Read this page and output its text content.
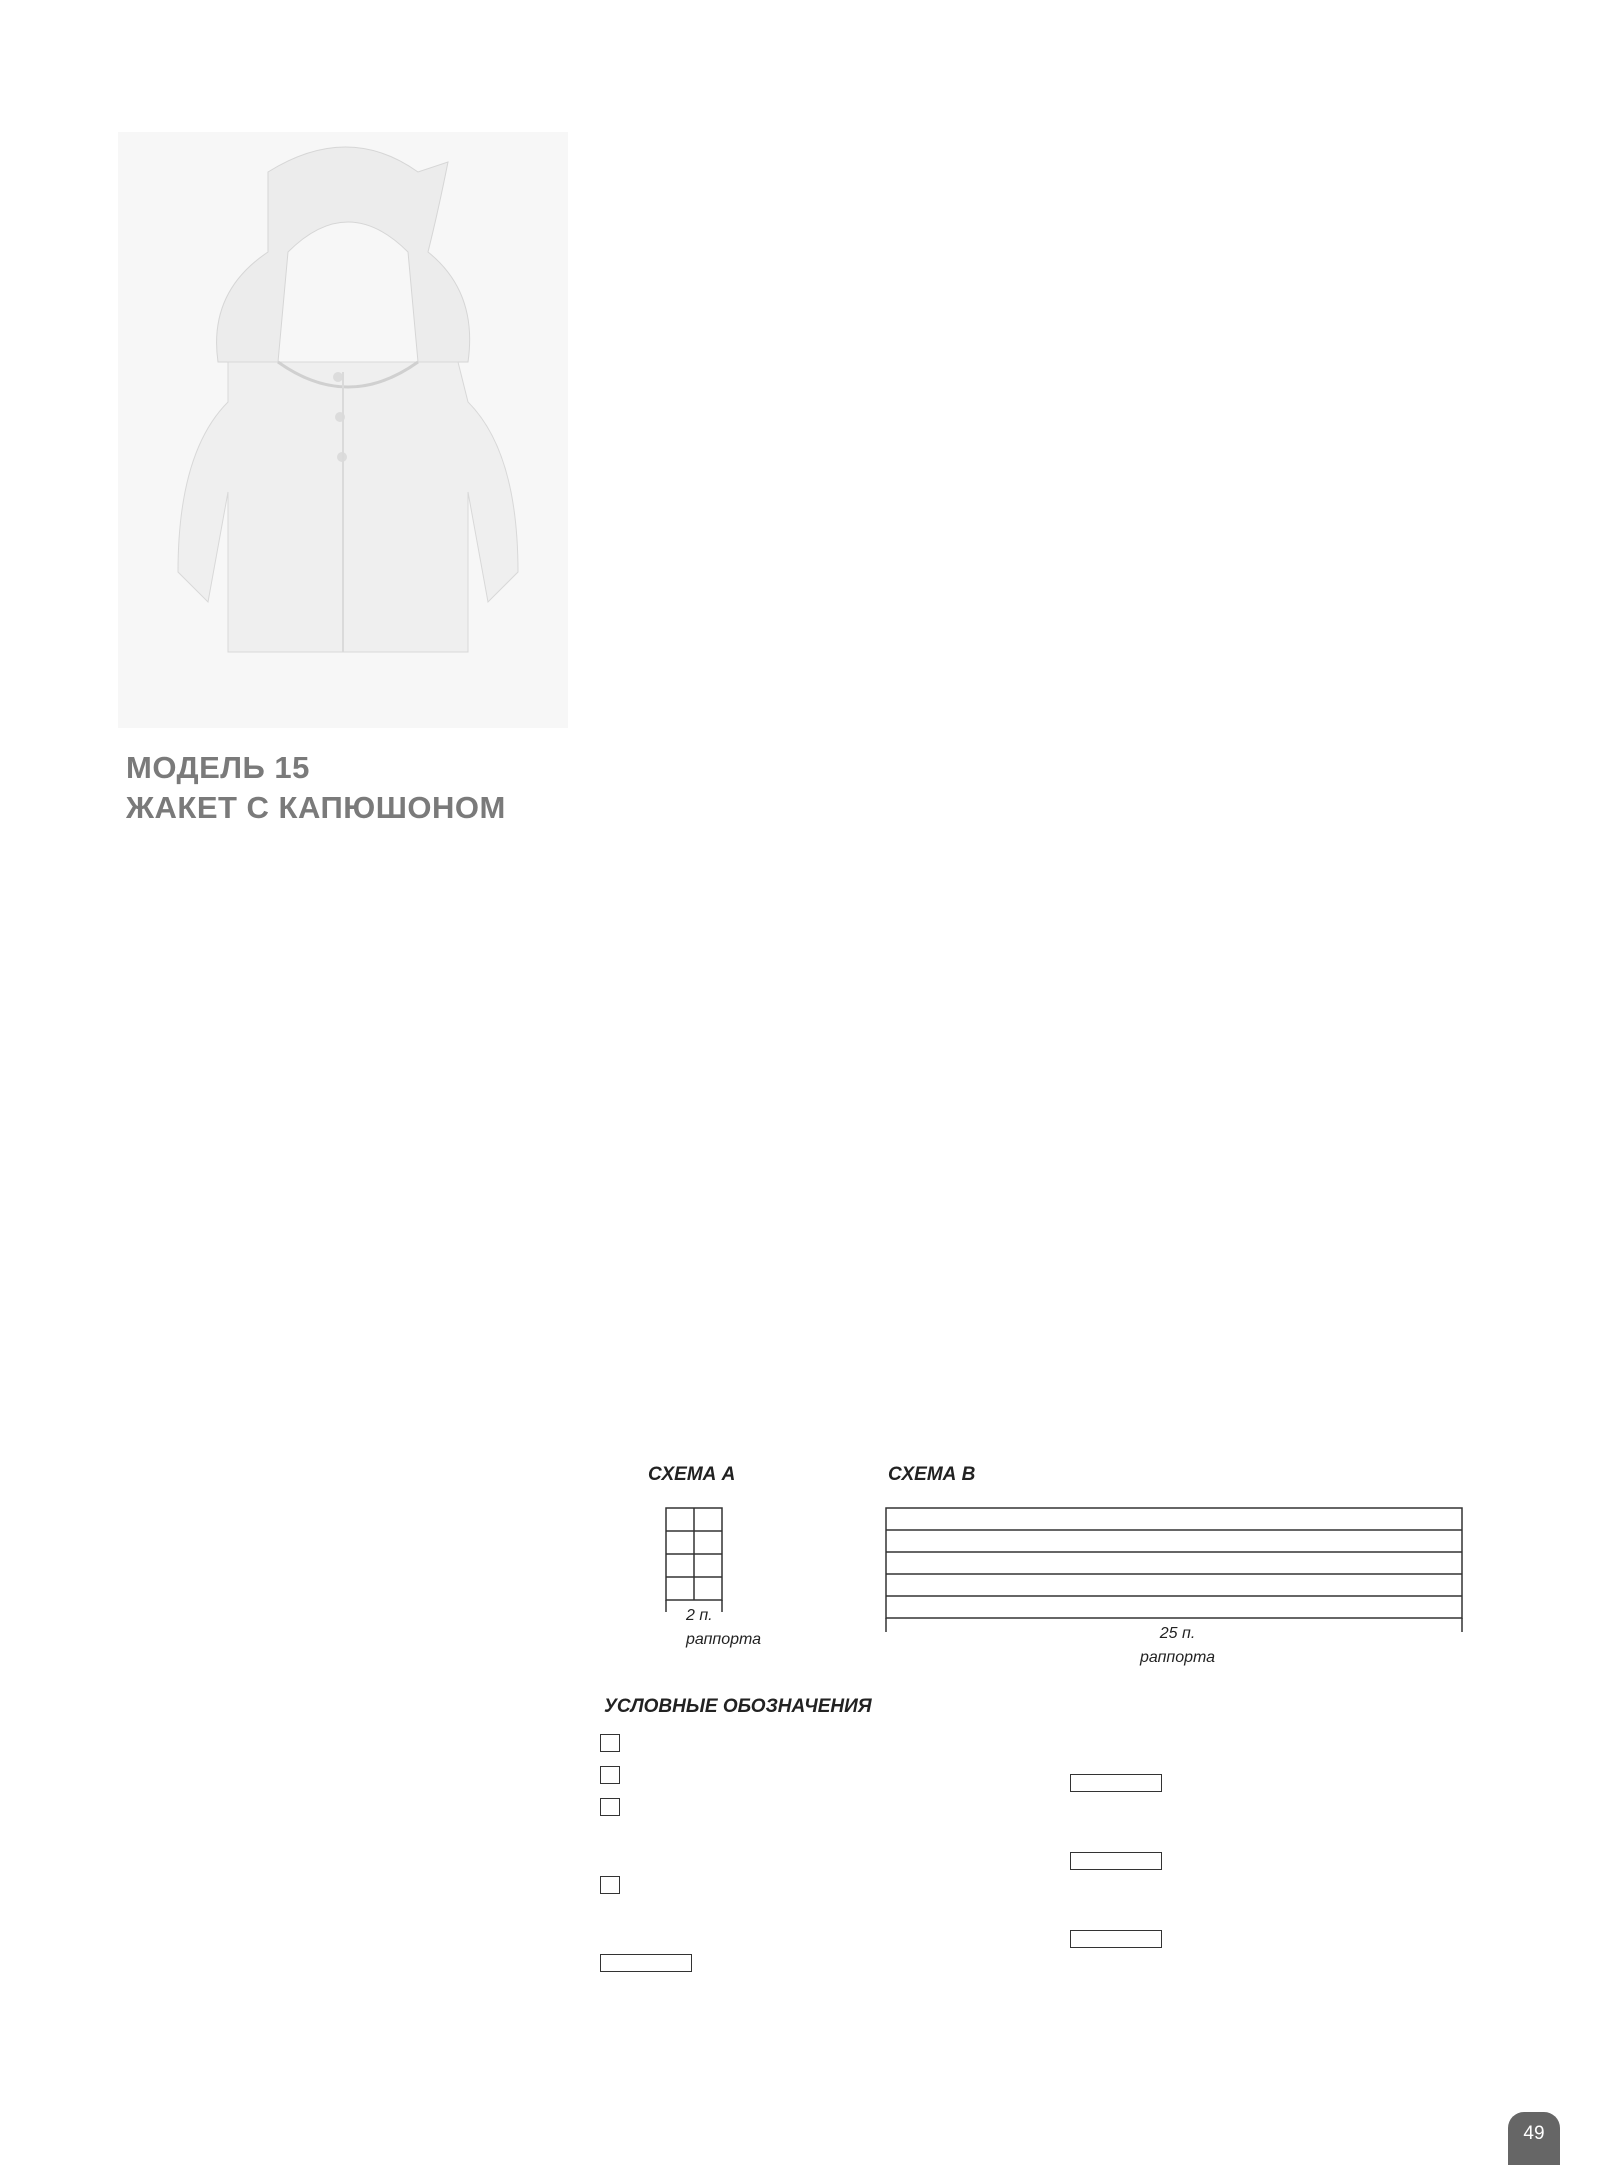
МОДЕЛЬ 15
ЖАКЕТ С КАПЮШОНОМ
СХЕМА А	СХЕМА В
2 п.
раппорта	25 п.
раппорта
УСЛОВНЫЕ ОБОЗНАЧЕНИЯ
49
